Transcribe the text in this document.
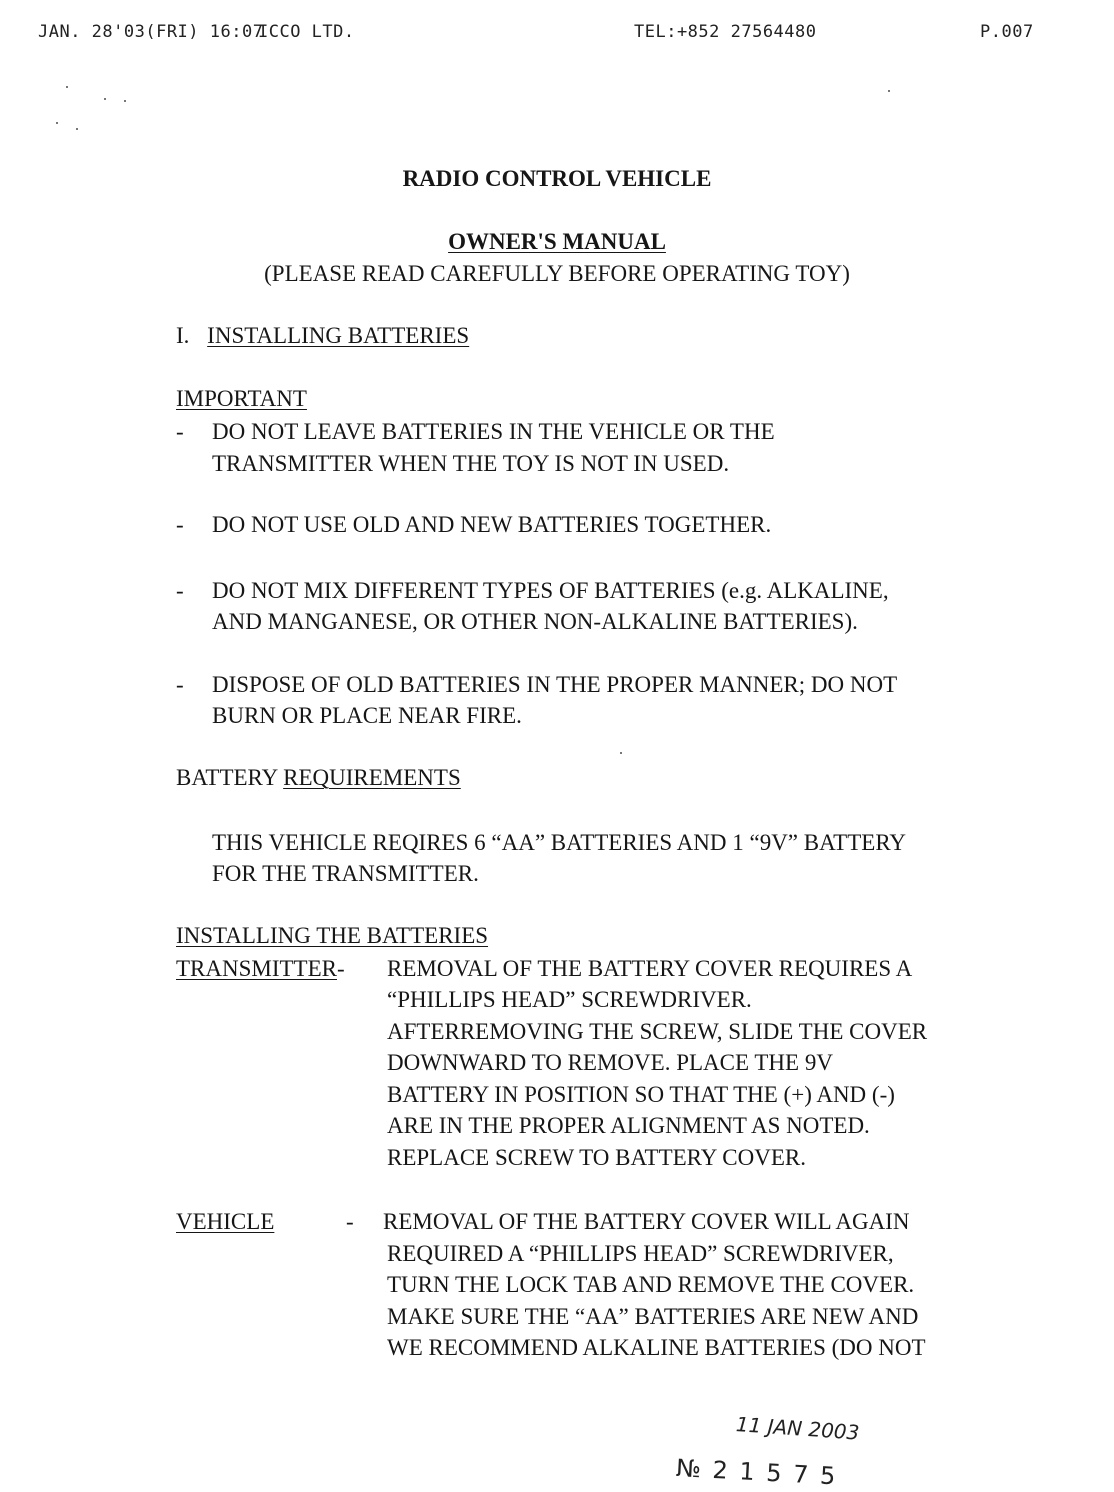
JAN. 28'03(FRI) 16:07
ICCO LTD.	TEL:+852 27564480	P.007
RADIO CONTROL VEHICLE
OWNER'S MANUAL
(PLEASE READ CAREFULLY BEFORE OPERATING TOY)
I. INSTALLING BATTERIES
IMPORTANT
- DO NOT LEAVE BATTERIES IN THE VEHICLE OR THE
TRANSMITTER WHEN THE TOY IS NOT IN USED.
- DO NOT USE OLD AND NEW BATTERIES TOGETHER.
- DO NOT MIX DIFFERENT TYPES OF BATTERIES (e.g. ALKALINE,
AND MANGANESE, OR OTHER NON-ALKALINE BATTERIES).
- DISPOSE OF OLD BATTERIES IN THE PROPER MANNER; DO NOT
BURN OR PLACE NEAR FIRE.
BATTERY REQUIREMENTS
THIS VEHICLE REQIRES 6 “AA” BATTERIES AND 1 “9V” BATTERY
FOR THE TRANSMITTER.
INSTALLING THE BATTERIES
TRANSMITTER- REMOVAL OF THE BATTERY COVER REQUIRES A
“PHILLIPS HEAD” SCREWDRIVER.
AFTERREMOVING THE SCREW, SLIDE THE COVER
DOWNWARD TO REMOVE. PLACE THE 9V
BATTERY IN POSITION SO THAT THE (+) AND (-)
ARE IN THE PROPER ALIGNMENT AS NOTED.
REPLACE SCREW TO BATTERY COVER.
VEHICLE	- REMOVAL OF THE BATTERY COVER WILL AGAIN
REQUIRED A “PHILLIPS HEAD” SCREWDRIVER,
TURN THE LOCK TAB AND REMOVE THE COVER.
MAKE SURE THE “AA” BATTERIES ARE NEW AND
WE RECOMMEND ALKALINE BATTERIES (DO NOT
11 JAN 2003
№ 2 1 5 7 5
